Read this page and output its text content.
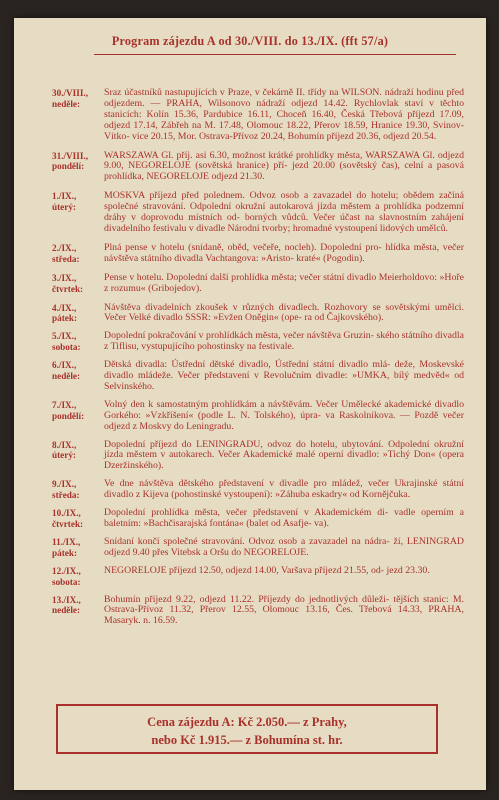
Program zájezdu A od 30./VIII. do 13./IX. (fft 57/a)
30./VIII.,
neděle:
Sraz účastníků nastupujících v Praze, v čekárně II. třídy na WILSON. nádraží hodinu před odjezdem. — PRAHA, Wilsonovo nádraží odjezd 14.42. Rychlovlak staví v těchto stanicích: Kolín 15.36, Pardubice 16.11, Choceň 16.40, Česká Třebová příjezd 17.09, odjezd 17.14, Zábřeh na M. 17.48, Olomouc 18.22, Přerov 18.59, Hranice 19.30, Svinov-Vítko- vice 20.15, Mor. Ostrava-Přívoz 20.24, Bohumín příjezd 20.36, odjezd 20.54.
31./VIII.,
pondělí:
WARSZAWA Gl. příj. asi 6.30, možnost krátké prohlídky města, WARSZAWA Gl. odjezd 9.00, NEGORELOJE (sovětská hranice) pří- jezd 20.00 (sovětský čas), celní a pasová prohlídka, NEGORELOJE odjezd 21.30.
1./IX.,
úterý:
MOSKVA příjezd před polednem. Odvoz osob a zavazadel do hotelu; obědem začíná společné stravování. Odpolední okružní autokarová jízda městem a prohlídka podzemní dráhy v doprovodu místních od- borných vůdců. Večer účast na slavnostním zahájení divadelního festivalu v divadle Národní tvorby; hromadné vystoupení lidových umělců.
2./IX.,
středa:
Plná pense v hotelu (snídaně, oběd, večeře, nocleh). Dopolední pro- hlídka města, večer návštěva státního divadla Vachtangova: »Aristo- kraté« (Pogodin).
3./IX.,
čtvrtek:
Pense v hotelu. Dopolední další prohlídka města; večer státní divadlo Meierholdovo: »Hoře z rozumu« (Gribojedov).
4./IX.,
pátek:
Návštěva divadelních zkoušek v různých divadlech. Rozhovory se sovětskými umělci. Večer Velké divadlo SSSR: »Evžen Oněgin« (ope- ra od Čajkovského).
5./IX.,
sobota:
Dopolední pokračování v prohlídkách města, večer návštěva Gruzin- ského státního divadla z Tiflisu, vystupujícího pohostinsky na festivale.
6./IX.,
neděle:
Dětská divadla: Ústřední dětské divadlo, Ústřední státní divadlo mlá- deže, Moskevské divadlo mládeže. Večer představení v Revolučním divadle: »UMKA, bílý medvěd« od Selvinského.
7./IX.,
pondělí:
Volný den k samostatným prohlídkám a návštěvám. Večer Umělecké akademické divadlo Gorkého: »Vzkříšení« (podle L. N. Tolského), úpra- va Raskolnikova. — Pozdě večer odjezd z Moskvy do Leningradu.
8./IX.,
úterý:
Dopolední příjezd do LENINGRADU, odvoz do hotelu, ubytování. Odpolední okružní jízda městem v autokarech. Večer Akademické malé operní divadlo: »Tichý Don« (opera Dzeržinského).
9./IX.,
středa:
Ve dne návštěva dětského představení v divadle pro mládež, večer Ukrajinské státní divadlo z Kijeva (pohostinské vystoupení): »Záhuba eskadry« od Kornějčuka.
10./IX.,
čtvrtek:
Dopolední prohlídka města, večer představení v Akademickém di- vadle operním a baletním: »Bachčisarajská fontána« (balet od Asafje- va).
11./IX.,
pátek:
Snídaní končí společné stravování. Odvoz osob a zavazadel na nádra- ží, LENINGRAD odjezd 9.40 přes Vitebsk a Oršu do NEGORELOJE.
12./IX.,
sobota:
NEGORELOJE příjezd 12.50, odjezd 14.00, Varšava příjezd 21.55, od- jezd 23.30.
13./IX.,
neděle:
Bohumín příjezd 9.22, odjezd 11.22. Příjezdy do jednotlivých důleži- tějších stanic: M. Ostrava-Přívoz 11.32, Přerov 12.55, Olomouc 13.16, Čes. Třebová 14.33, PRAHA, Masaryk. n. 16.59.
Cena zájezdu A: Kč 2.050.— z Prahy,
nebo Kč 1.915.— z Bohumína st. hr.
